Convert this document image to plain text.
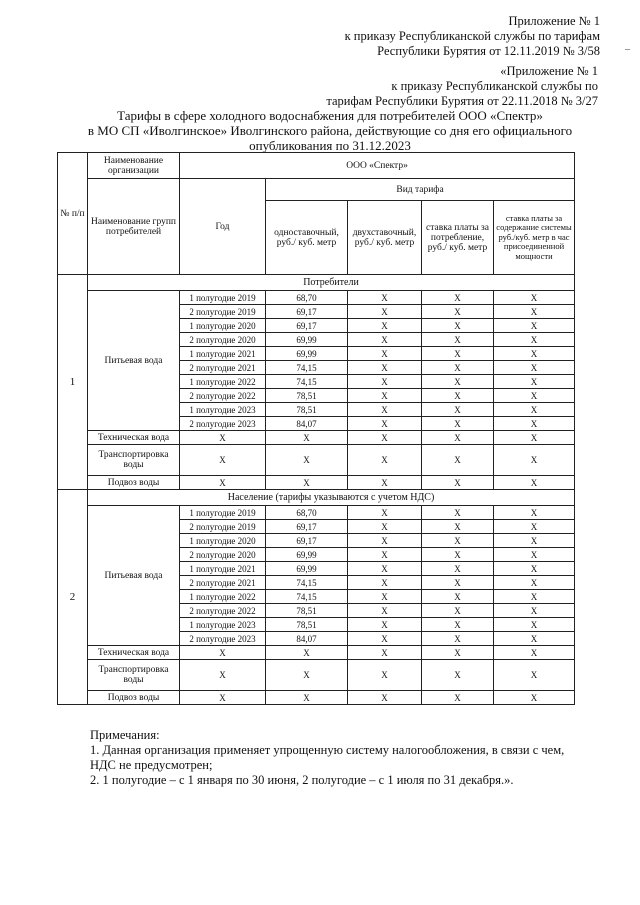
–
Приложение № 1
к приказу Республиканской службы по тарифам
Республики Бурятия от 12.11.2019 № 3/58
«Приложение № 1
к приказу Республиканской службы по
тарифам Республики Бурятия от 22.11.2018 № 3/27
Тарифы в сфере холодного водоснабжения для потребителей ООО «Спектр»
в МО СП «Иволгинское» Иволгинского района, действующие со дня его официального
опубликования по 31.12.2023
№ п/п	Наименование организации	ООО «Спектр»				
	Наименование групп потребителей	Год	Вид тарифа			
			одноставочный, руб./ куб. метр	двухставочный, руб./ куб. метр	ставка платы за потребление, руб./ куб. метр	ставка платы за содержание системы руб./куб. метр в час присоединенной мощности
1	Потребители					
	Питьевая вода	1 полугодие 2019	68,70	X	X	X
		2 полугодие 2019	69,17	X	X	X
		1 полугодие 2020	69,17	X	X	X
		2 полугодие 2020	69,99	X	X	X
		1 полугодие 2021	69,99	X	X	X
		2 полугодие 2021	74,15	X	X	X
		1 полугодие 2022	74,15	X	X	X
		2 полугодие 2022	78,51	X	X	X
		1 полугодие 2023	78,51	X	X	X
		2 полугодие 2023	84,07	X	X	X
	Техническая вода	X	X	X	X	X
	Транспортировка воды	X	X	X	X	X
	Подвоз воды	X	X	X	X	X
2	Население (тарифы указываются с учетом НДС)					
	Питьевая вода	1 полугодие 2019	68,70	X	X	X
		2 полугодие 2019	69,17	X	X	X
		1 полугодие 2020	69,17	X	X	X
		2 полугодие 2020	69,99	X	X	X
		1 полугодие 2021	69,99	X	X	X
		2 полугодие 2021	74,15	X	X	X
		1 полугодие 2022	74,15	X	X	X
		2 полугодие 2022	78,51	X	X	X
		1 полугодие 2023	78,51	X	X	X
		2 полугодие 2023	84,07	X	X	X
	Техническая вода	X	X	X	X	X
	Транспортировка воды	X	X	X	X	X
	Подвоз воды	X	X	X	X	X

Примечания:

1. Данная организация применяет упрощенную систему налогообложения, в связи с чем, НДС не предусмотрен;

2. 1 полугодие – с 1 января по 30 июня, 2 полугодие – с 1 июля по 31 декабря.».
